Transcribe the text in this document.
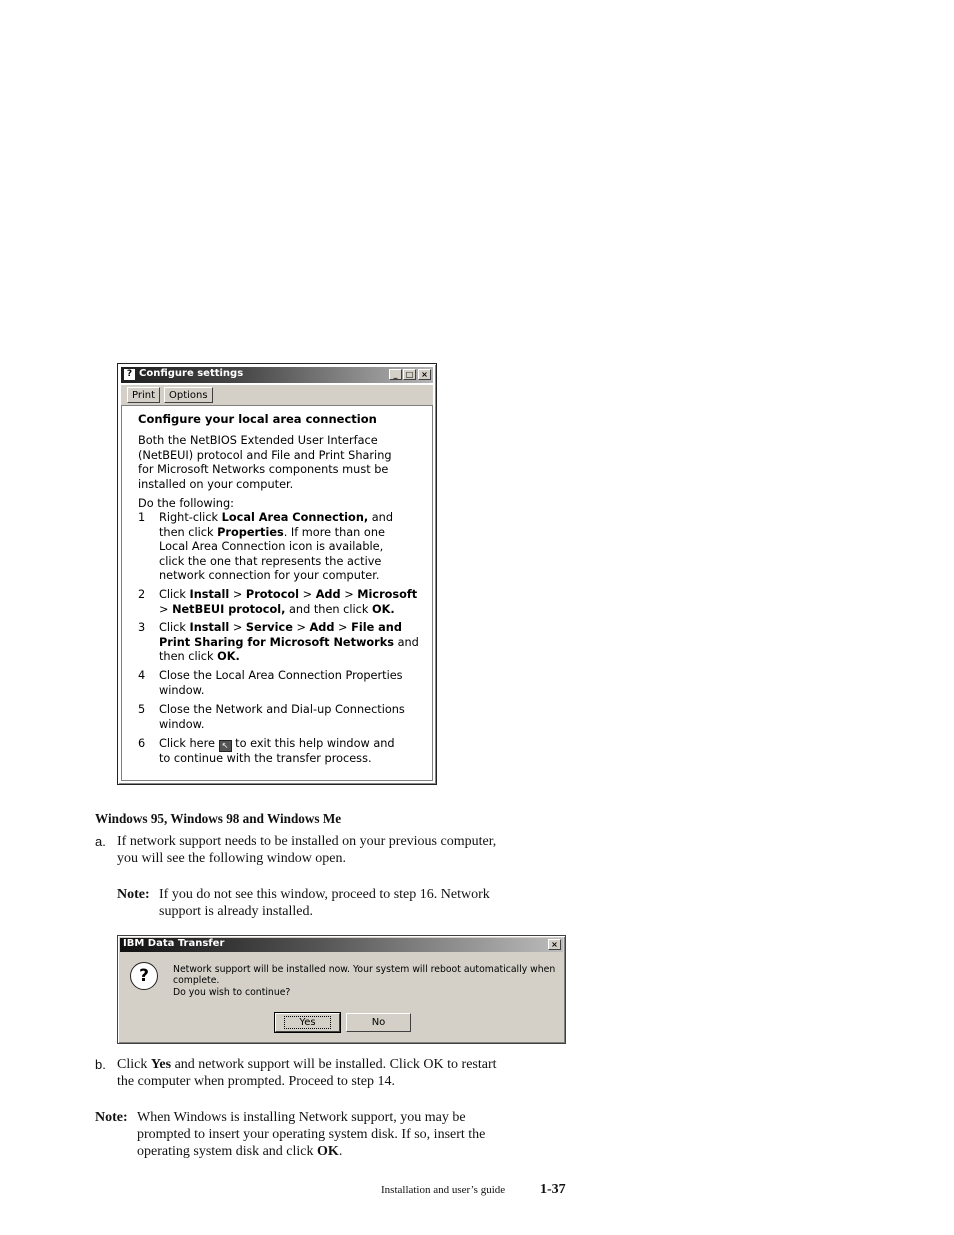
? Configure settings	_	□ ×
Print	Options
Configure your local area connection
Both the NetBIOS Extended User Interface
(NetBEUI) protocol and File and Print Sharing
for Microsoft Networks components must be
installed on your computer.
Do the following:
1	Right-click Local Area Connection, and
then click Properties. If more than one
Local Area Connection icon is available,
click the one that represents the active
network connection for your computer.
2	Click Install > Protocol > Add > Microsoft
> NetBEUI protocol, and then click OK.
3	Click Install > Service > Add > File and
Print Sharing for Microsoft Networks and
then click OK.
4	Close the Local Area Connection Properties
window.
5	Close the Network and Dial-up Connections
window.
6	Click here ↖ to exit this help window and
to continue with the transfer process.
Windows 95, Windows 98 and Windows Me
a. If network support needs to be installed on your previous computer,
you will see the following window open.
Note: If you do not see this window, proceed to step 16. Network
support is already installed.
IBM Data Transfer	×
?	Network support will be installed now. Your system will reboot automatically when complete.
Do you wish to continue?
Yes	No
b. Click Yes and network support will be installed. Click OK to restart
the computer when prompted. Proceed to step 14.
Note: When Windows is installing Network support, you may be
prompted to insert your operating system disk. If so, insert the
operating system disk and click OK.
Installation and user’s guide 1-37
